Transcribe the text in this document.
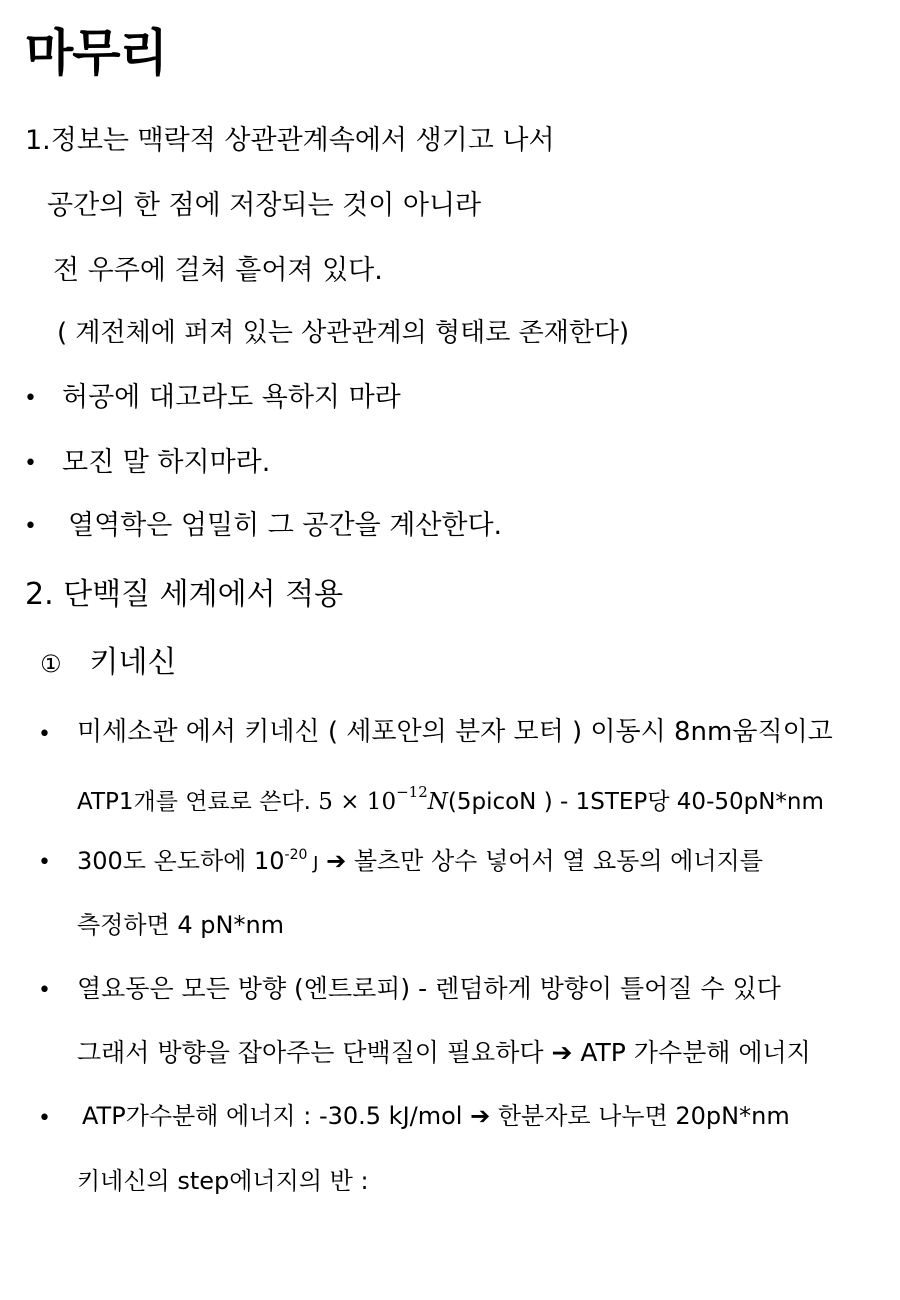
마무리
1.정보는 맥락적 상관관계속에서 생기고 나서
공간의 한 점에 저장되는 것이 아니라
전 우주에 걸쳐 흩어져 있다.
( 계전체에 퍼져 있는 상관관계의 형태로 존재한다)
• 허공에 대고라도 욕하지 마라
• 모진 말 하지마라.
• 열역학은 엄밀히 그 공간을 계산한다.
2. 단백질 세계에서 적용
① 키네신
• 미세소관 에서 키네신 ( 세포안의 분자 모터 ) 이동시 8nm움직이고
ATP1개를 연료로 쓴다. $5 \times 10^{-12}N(5picoN$ ) - 1STEP당 40-50pN*nm
• 300도 온도하에 $10^{-20}$ J ➔ 볼츠만 상수 넣어서 열 요동의 에너지를
측정하면 4 pN*nm
• 열요동은 모든 방향 (엔트로피) - 렌덤하게 방향이 틀어질 수 있다
그래서 방향을 잡아주는 단백질이 필요하다 ➔ ATP 가수분해 에너지
• ATP가수분해 에너지 : -30.5 kJ/mol ➔ 한분자로 나누면 20pN*nm
키네신의 step에너지의 반 :
